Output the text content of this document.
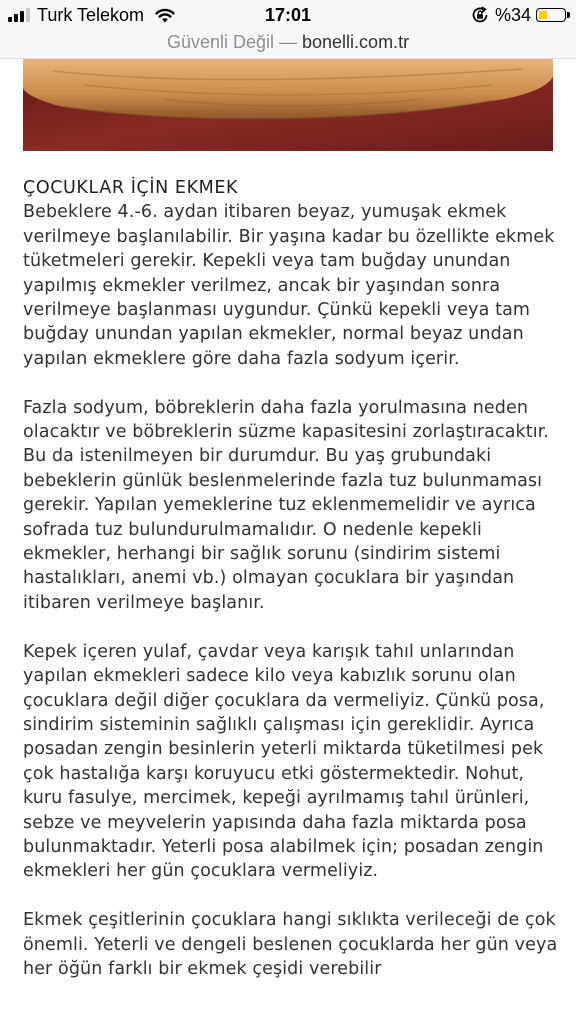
Turk Telekom	17:01	%34
Güvenli Değil — bonelli.com.tr
ÇOCUKLAR İÇİN EKMEK

Bebeklere 4.-6. aydan itibaren beyaz, yumuşak ekmek verilmeye başlanılabilir. Bir yaşına kadar bu özellikte ekmek tüketmeleri gerekir. Kepekli veya tam buğday unundan yapılmış ekmekler verilmez, ancak bir yaşından sonra verilmeye başlanması uygundur. Çünkü kepekli veya tam buğday unundan yapılan ekmekler, normal beyaz undan yapılan ekmeklere göre daha fazla sodyum içerir.

Fazla sodyum, böbreklerin daha fazla yorulmasına neden olacaktır ve böbreklerin süzme kapasitesini zorlaştıracaktır. Bu da istenilmeyen bir durumdur. Bu yaş grubundaki bebeklerin günlük beslenmelerinde fazla tuz bulunmaması gerekir. Yapılan yemeklerine tuz eklenmemelidir ve ayrıca sofrada tuz bulundurulmamalıdır. O nedenle kepekli ekmekler, herhangi bir sağlık sorunu (sindirim sistemi hastalıkları, anemi vb.) olmayan çocuklara bir yaşından itibaren verilmeye başlanır.

Kepek içeren yulaf, çavdar veya karışık tahıl unlarından yapılan ekmekleri sadece kilo veya kabızlık sorunu olan çocuklara değil diğer çocuklara da vermeliyiz. Çünkü posa, sindirim sisteminin sağlıklı çalışması için gereklidir. Ayrıca posadan zengin besinlerin yeterli miktarda tüketilmesi pek çok hastalığa karşı koruyucu etki göstermektedir. Nohut, kuru fasulye, mercimek, kepeği ayrılmamış tahıl ürünleri, sebze ve meyvelerin yapısında daha fazla miktarda posa bulunmaktadır. Yeterli posa alabilmek için; posadan zengin ekmekleri her gün çocuklara vermeliyiz.

Ekmek çeşitlerinin çocuklara hangi sıklıkta verileceği de çok önemli. Yeterli ve dengeli beslenen çocuklarda her gün veya her öğün farklı bir ekmek çeşidi verebilir
